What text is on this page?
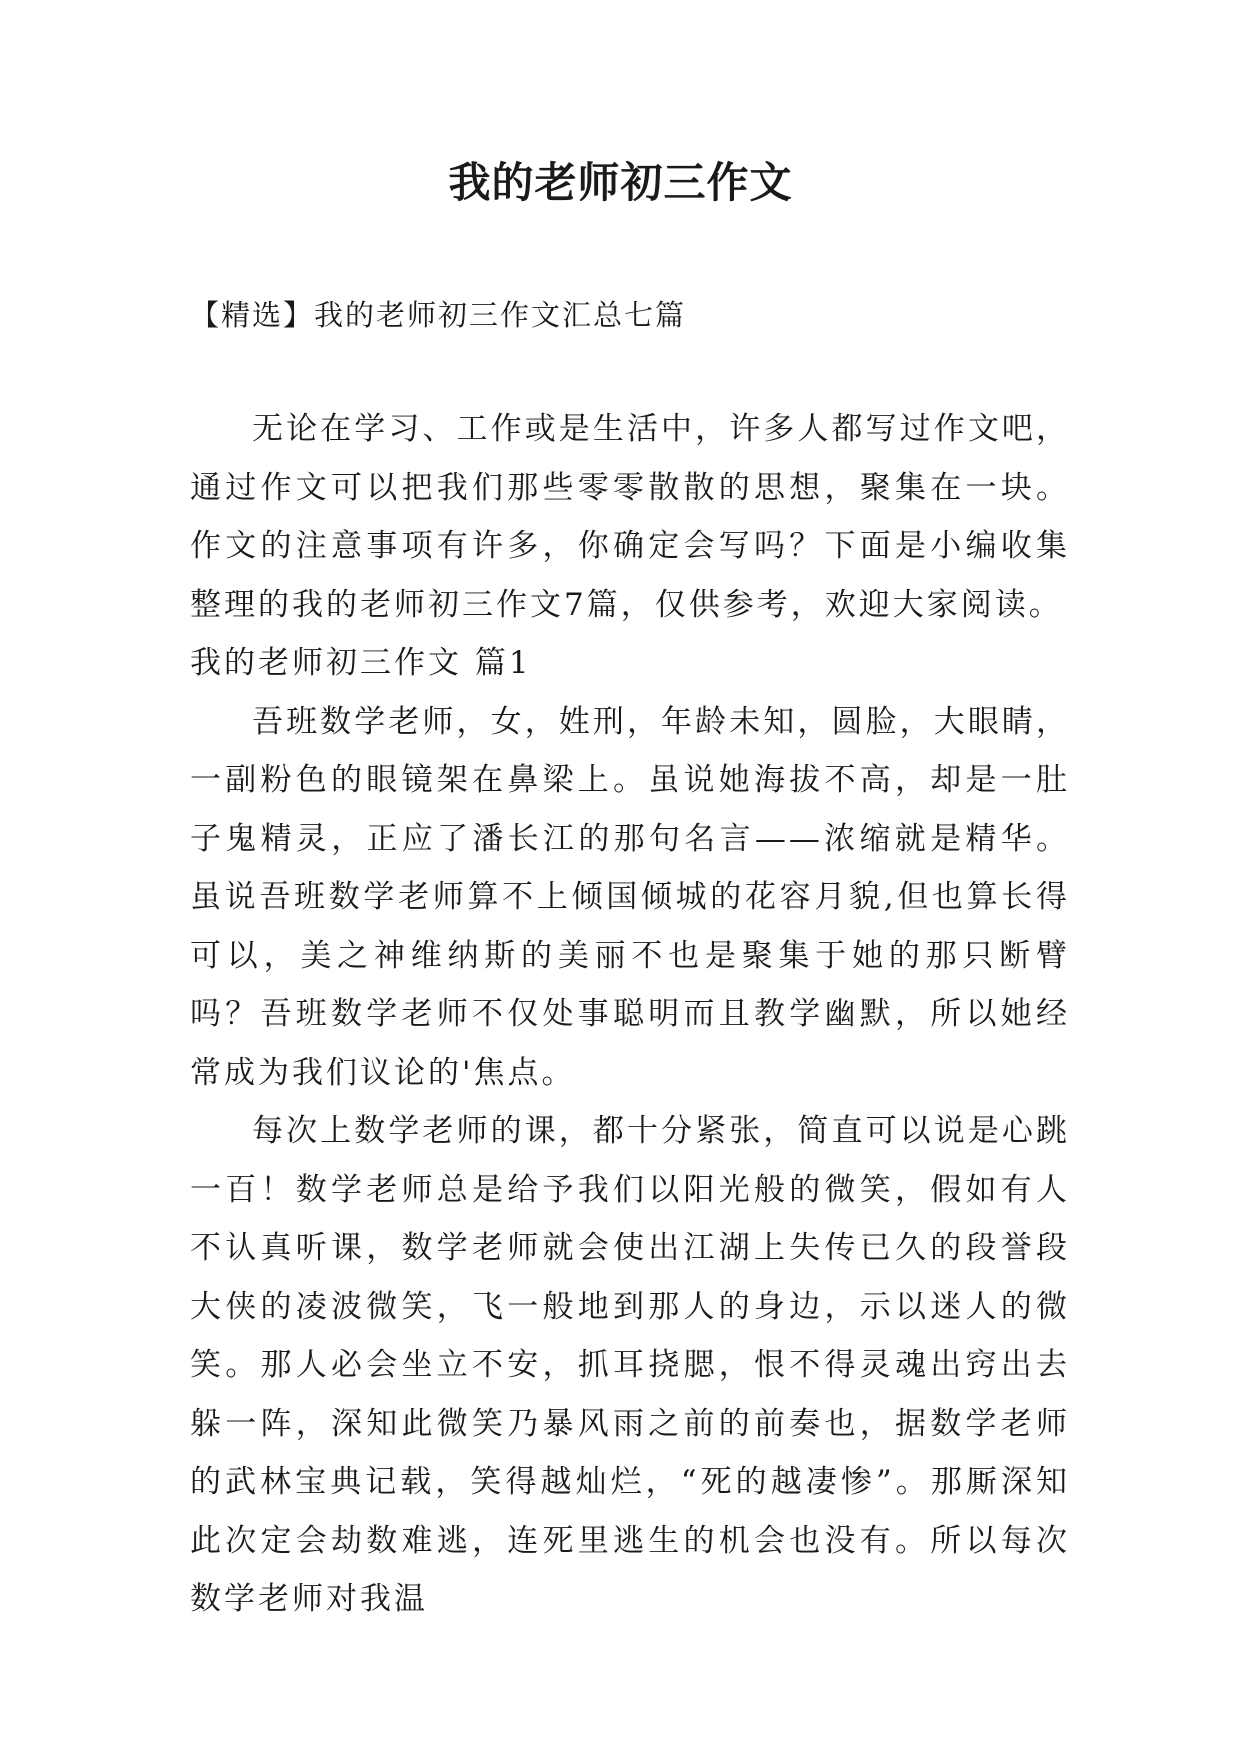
我的老师初三作文

【精选】我的老师初三作文汇总七篇

无论在学习、工作或是生活中，许多人都写过作文吧，通过作文可以把我们那些零零散散的思想，聚集在一块。作文的注意事项有许多，你确定会写吗？下面是小编收集整理的我的老师初三作文7篇，仅供参考，欢迎大家阅读。

我的老师初三作文 篇1

吾班数学老师，女，姓刑，年龄未知，圆脸，大眼睛，一副粉色的眼镜架在鼻梁上。虽说她海拔不高，却是一肚子鬼精灵，正应了潘长江的那句名言——浓缩就是精华。虽说吾班数学老师算不上倾国倾城的花容月貌,但也算长得可以，美之神维纳斯的美丽不也是聚集于她的那只断臂吗？吾班数学老师不仅处事聪明而且教学幽默，所以她经常成为我们议论的'焦点。

每次上数学老师的课，都十分紧张，简直可以说是心跳一百！数学老师总是给予我们以阳光般的微笑，假如有人不认真听课，数学老师就会使出江湖上失传已久的段誉段大侠的凌波微笑，飞一般地到那人的身边，示以迷人的微笑。那人必会坐立不安，抓耳挠腮，恨不得灵魂出窍出去躲一阵，深知此微笑乃暴风雨之前的前奏也，据数学老师的武林宝典记载，笑得越灿烂，“死的越凄惨”。那厮深知此次定会劫数难逃，连死里逃生的机会也没有。所以每次数学老师对我温
